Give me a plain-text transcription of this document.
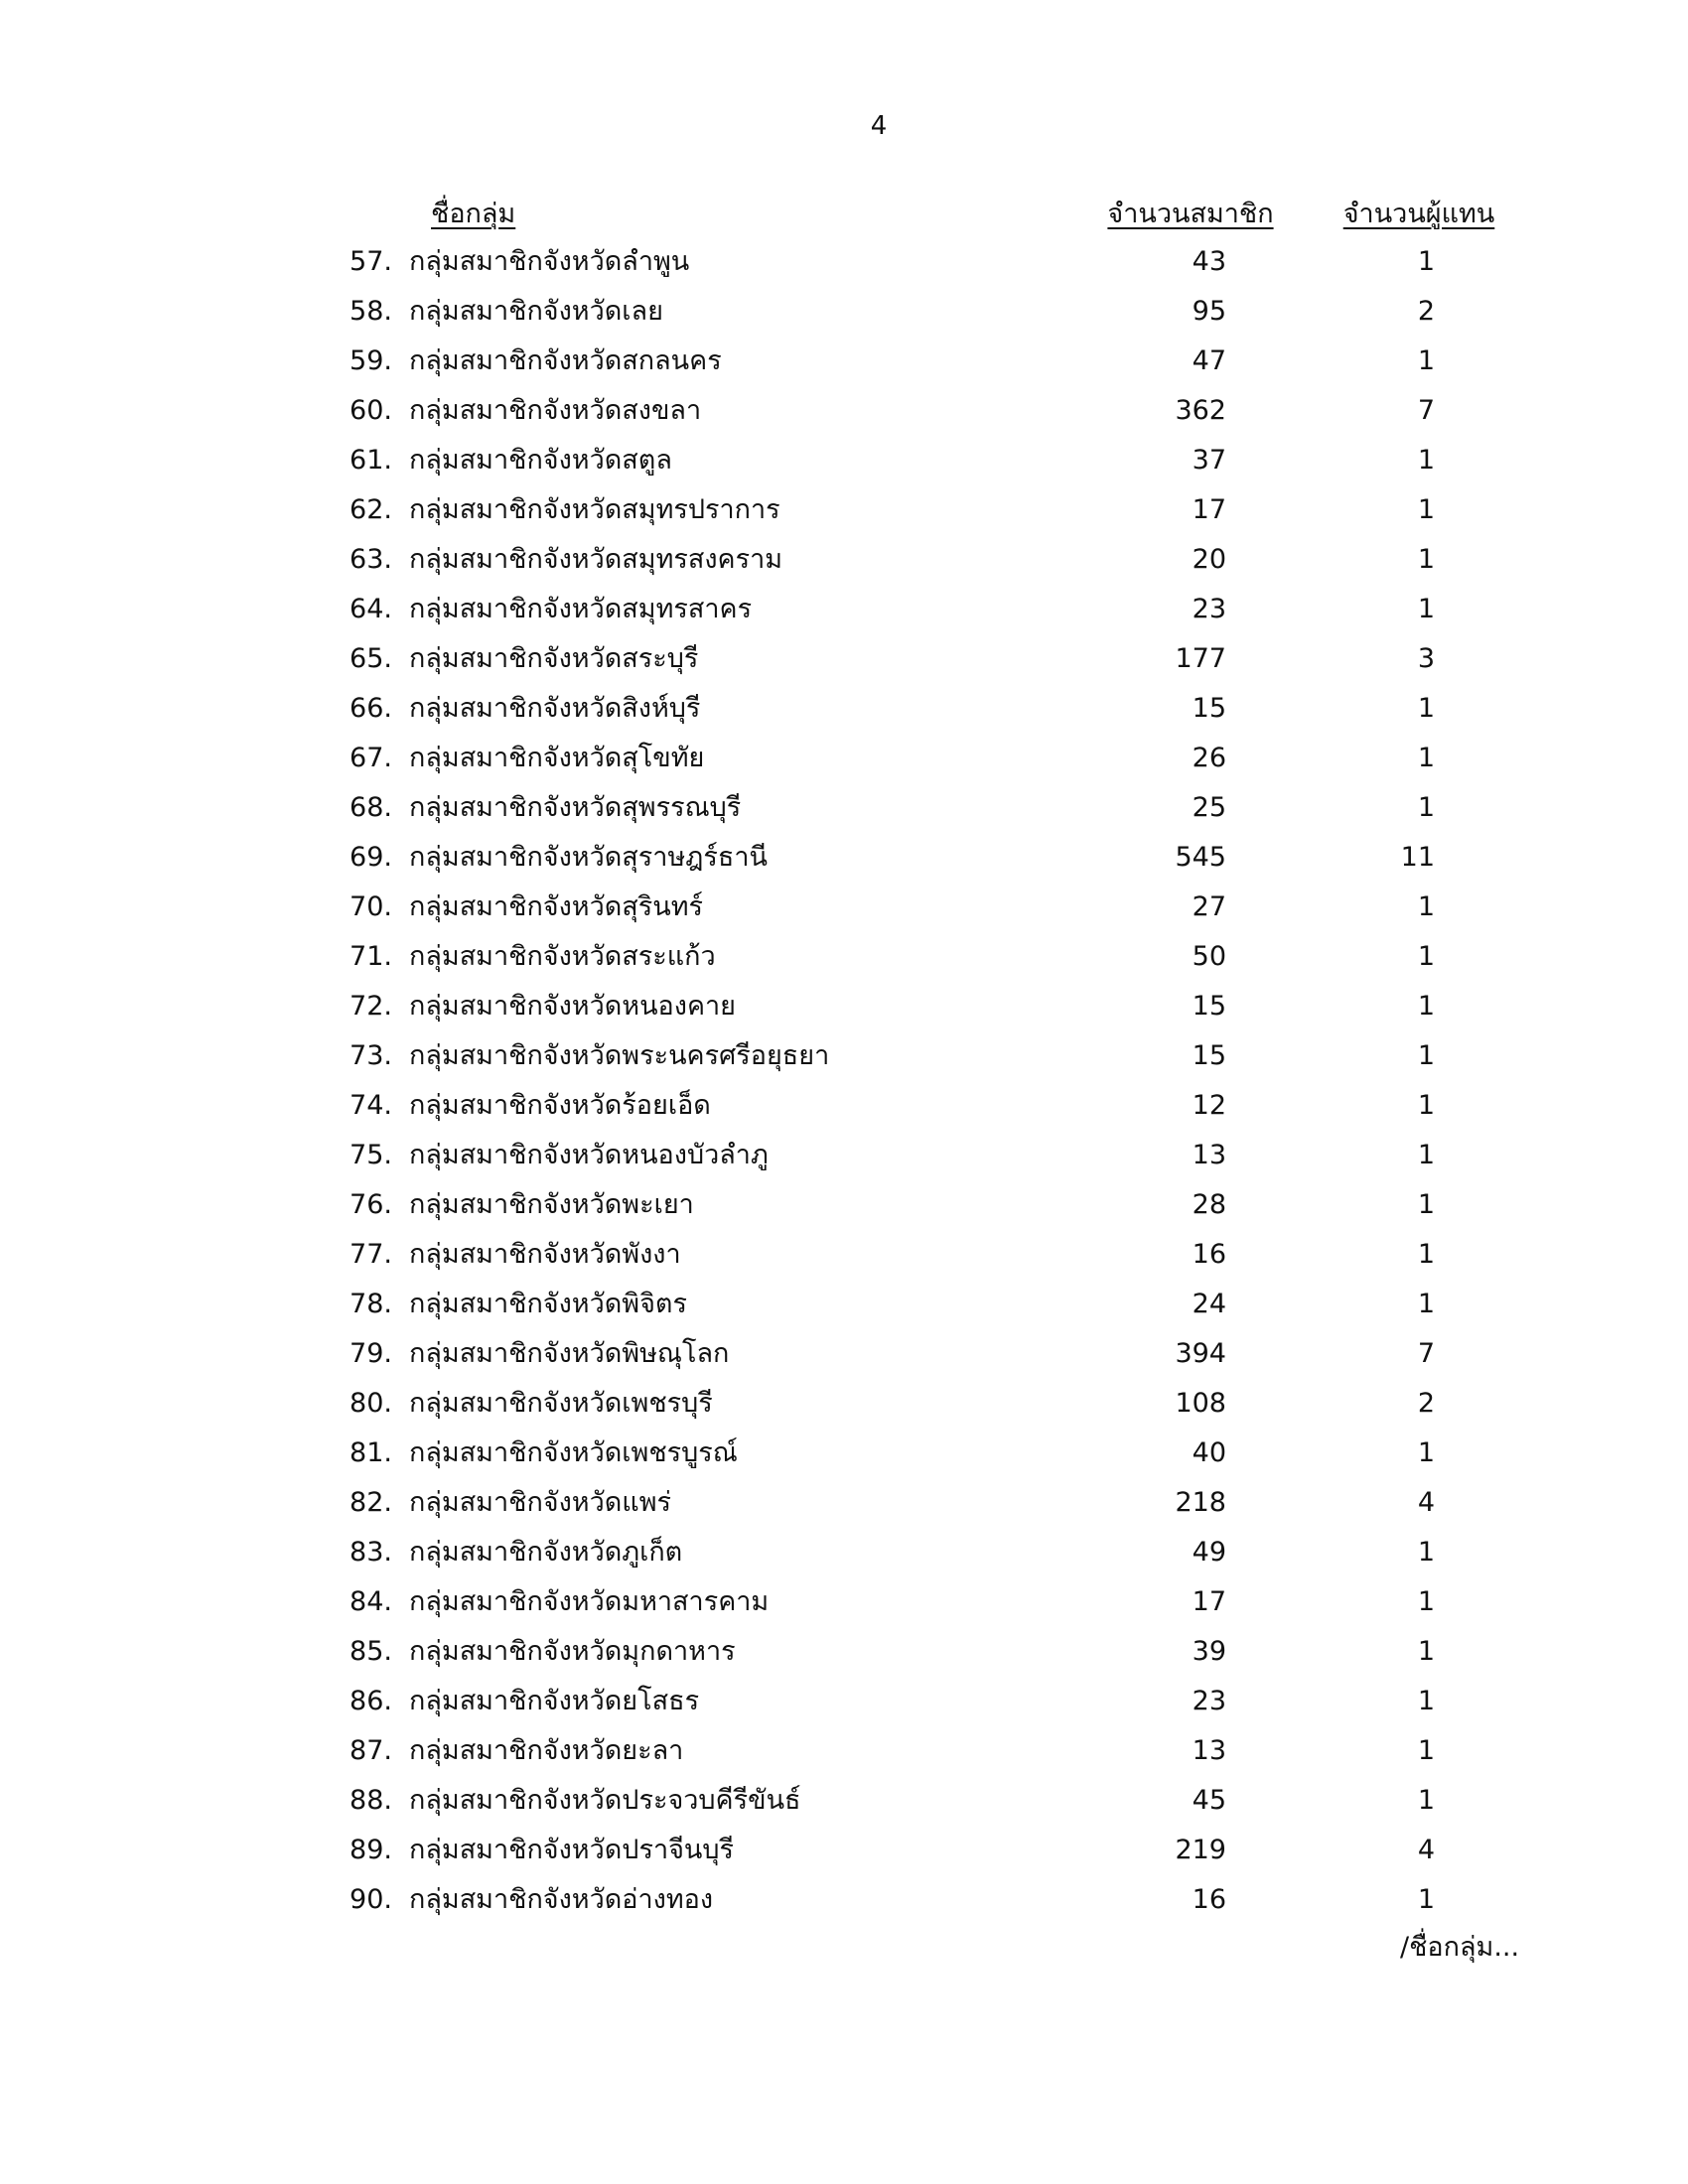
4
ชื่อกลุ่ม	จำนวนสมาชิก	จำนวนผู้แทน
57. กลุ่มสมาชิกจังหวัดลำพูน	43	1
58. กลุ่มสมาชิกจังหวัดเลย	95	2
59. กลุ่มสมาชิกจังหวัดสกลนคร	47	1
60. กลุ่มสมาชิกจังหวัดสงขลา	362	7
61. กลุ่มสมาชิกจังหวัดสตูล	37	1
62. กลุ่มสมาชิกจังหวัดสมุทรปราการ	17	1
63. กลุ่มสมาชิกจังหวัดสมุทรสงคราม	20	1
64. กลุ่มสมาชิกจังหวัดสมุทรสาคร	23	1
65. กลุ่มสมาชิกจังหวัดสระบุรี	177	3
66. กลุ่มสมาชิกจังหวัดสิงห์บุรี	15	1
67. กลุ่มสมาชิกจังหวัดสุโขทัย	26	1
68. กลุ่มสมาชิกจังหวัดสุพรรณบุรี	25	1
69. กลุ่มสมาชิกจังหวัดสุราษฎร์ธานี	545	11
70. กลุ่มสมาชิกจังหวัดสุรินทร์	27	1
71. กลุ่มสมาชิกจังหวัดสระแก้ว	50	1
72. กลุ่มสมาชิกจังหวัดหนองคาย	15	1
73. กลุ่มสมาชิกจังหวัดพระนครศรีอยุธยา	15	1
74. กลุ่มสมาชิกจังหวัดร้อยเอ็ด	12	1
75. กลุ่มสมาชิกจังหวัดหนองบัวลำภู	13	1
76. กลุ่มสมาชิกจังหวัดพะเยา	28	1
77. กลุ่มสมาชิกจังหวัดพังงา	16	1
78. กลุ่มสมาชิกจังหวัดพิจิตร	24	1
79. กลุ่มสมาชิกจังหวัดพิษณุโลก	394	7
80. กลุ่มสมาชิกจังหวัดเพชรบุรี	108	2
81. กลุ่มสมาชิกจังหวัดเพชรบูรณ์	40	1
82. กลุ่มสมาชิกจังหวัดแพร่	218	4
83. กลุ่มสมาชิกจังหวัดภูเก็ต	49	1
84. กลุ่มสมาชิกจังหวัดมหาสารคาม	17	1
85. กลุ่มสมาชิกจังหวัดมุกดาหาร	39	1
86. กลุ่มสมาชิกจังหวัดยโสธร	23	1
87. กลุ่มสมาชิกจังหวัดยะลา	13	1
88. กลุ่มสมาชิกจังหวัดประจวบคีรีขันธ์	45	1
89. กลุ่มสมาชิกจังหวัดปราจีนบุรี	219	4
90. กลุ่มสมาชิกจังหวัดอ่างทอง	16	1
/ชื่อกลุ่ม...
